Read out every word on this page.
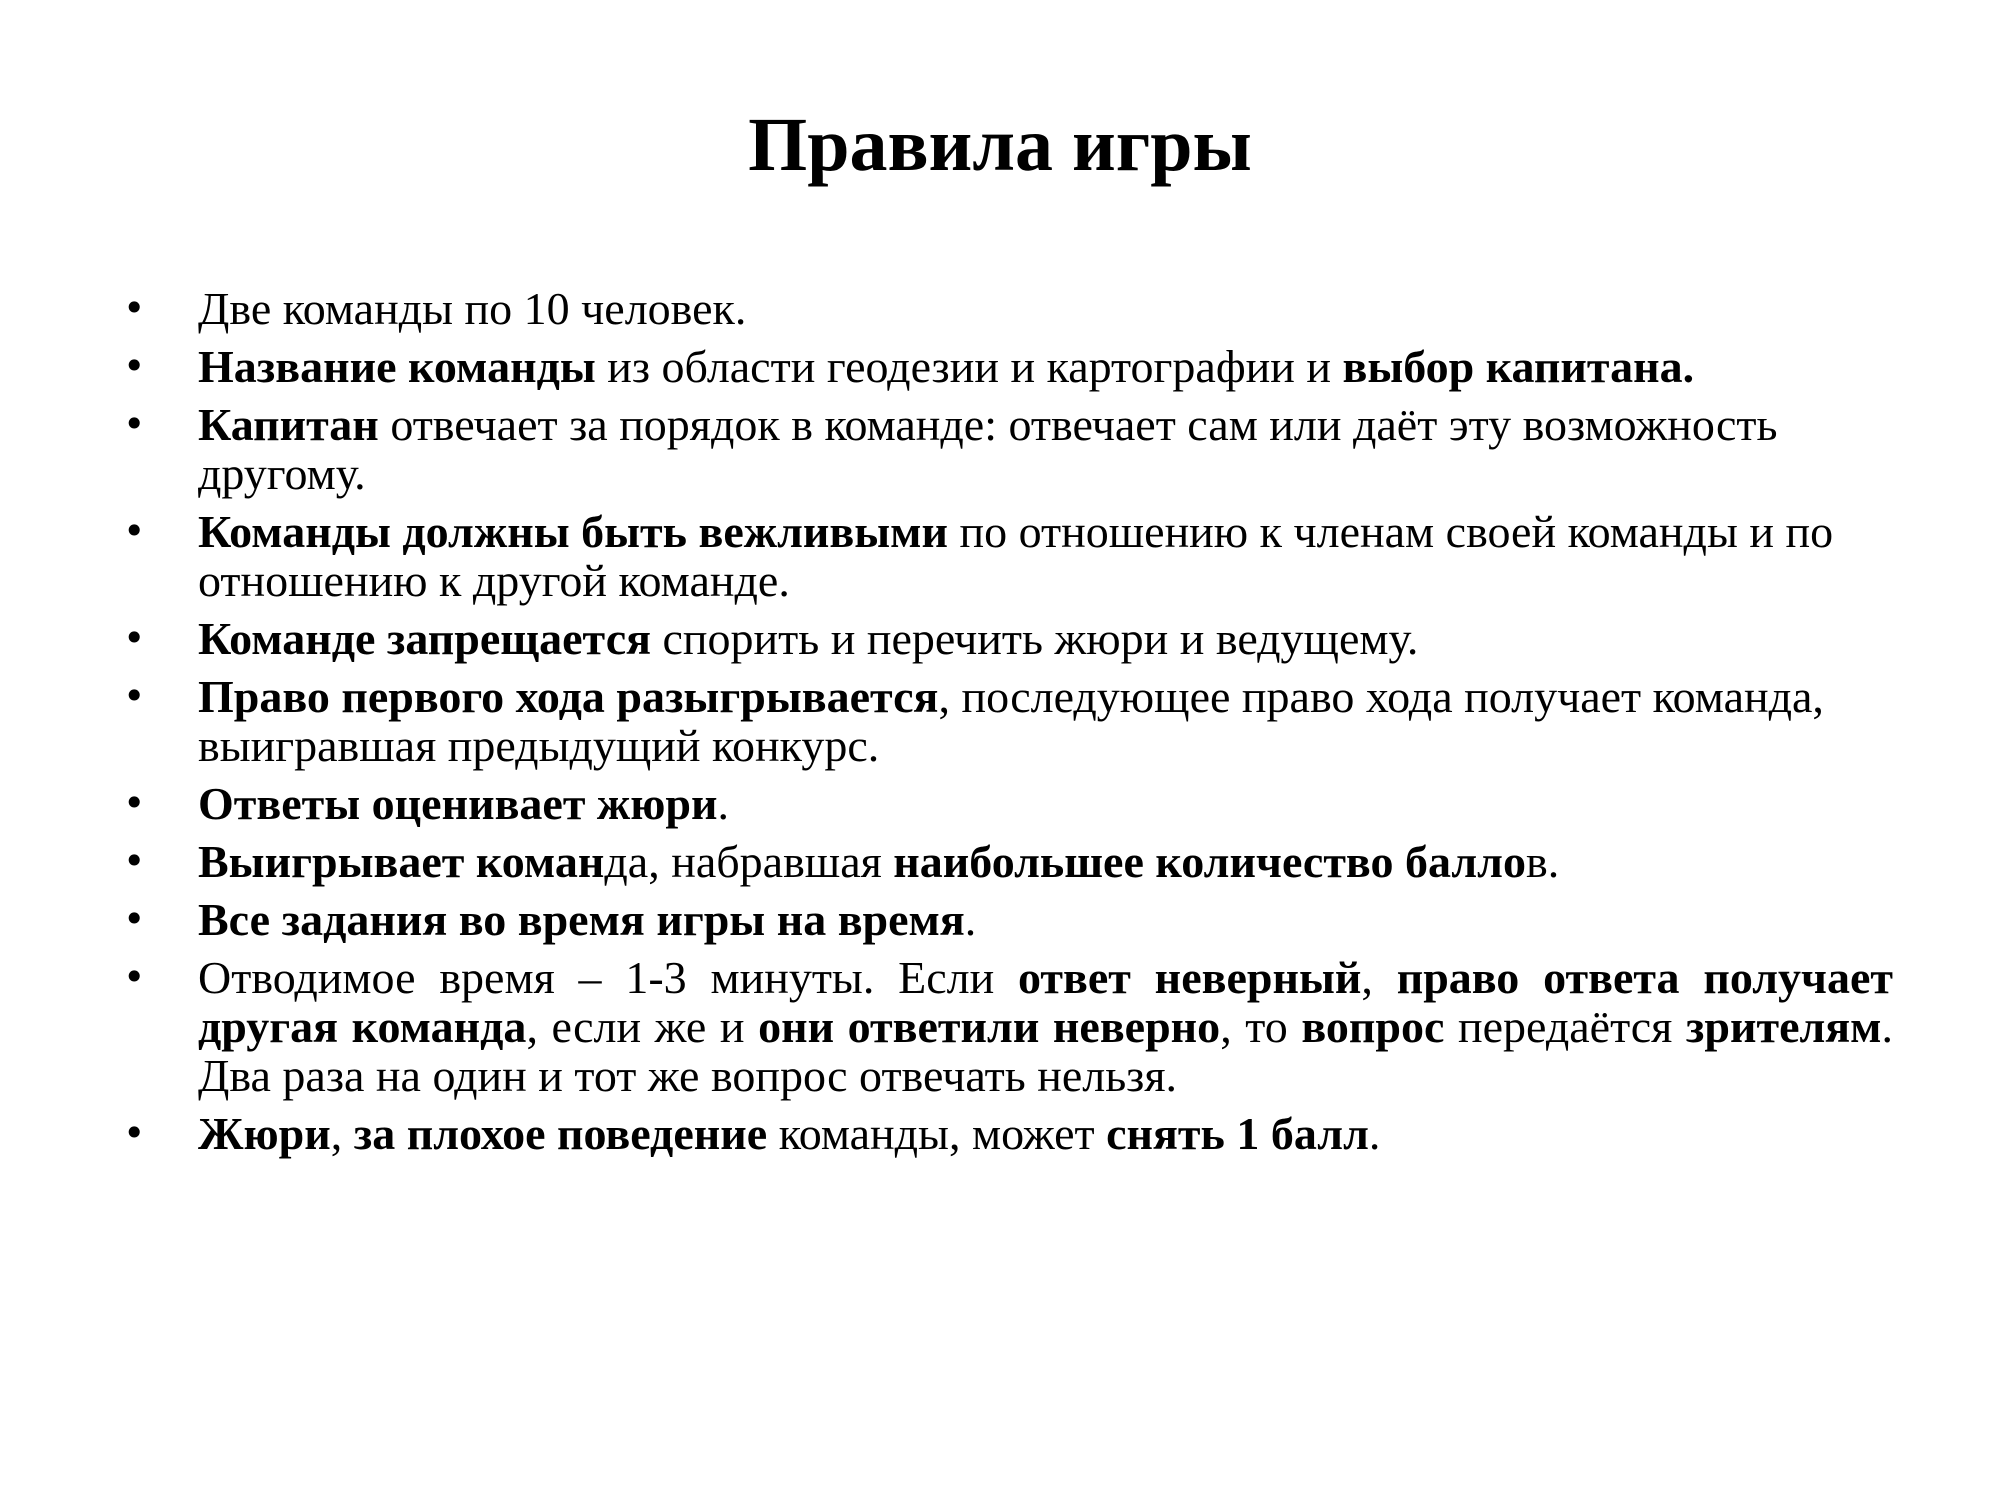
Правила игры
• Две команды по 10 человек.
• Название команды из области геодезии и картографии и выбор капитана.
• Капитан отвечает за порядок в команде: отвечает сам или даёт эту возможность другому.
• Команды должны быть вежливыми по отношению к членам своей команды и по отношению к другой команде.
• Команде запрещается спорить и перечить жюри и ведущему.
• Право первого хода разыгрывается, последующее право хода получает команда, выигравшая предыдущий конкурс.
• Ответы оценивает жюри.
• Выигрывает команда, набравшая наибольшее количество баллов.
• Все задания во время игры на время.
• Отводимое время – 1-3 минуты. Если ответ неверный, право ответа получает другая команда, если же и они ответили неверно, то вопрос передаётся зрителям. Два раза на один и тот же вопрос отвечать нельзя.
• Жюри, за плохое поведение команды, может снять 1 балл.
